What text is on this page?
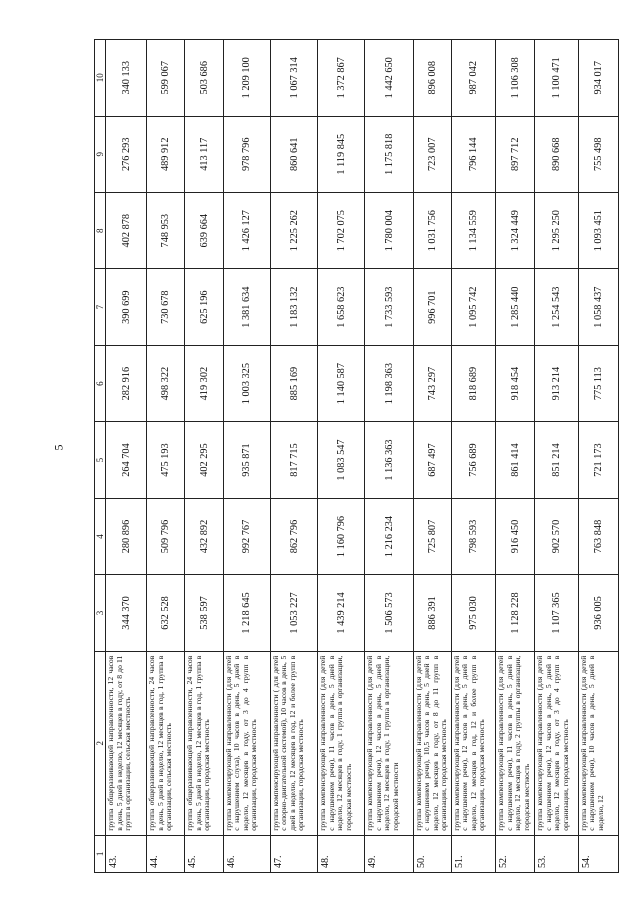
5
1	2	3	4	5	6	7	8	9	10
43.	группа общеразвивающей направленности, 12 часов в день, 5 дней в неделю, 12 месяцев в году, от 8 до 11 групп в организации, сельская местность	344 370	280 896	264 704	282 916	390 699	402 878	276 293	340 133
44.	группа общеразвивающей направленности, 24 часов в день, 5 дней в неделю, 12 месяцев в год, 1 группа в организации, сельская местность	632 528	509 796	475 193	498 322	730 678	748 953	489 912	599 067
45.	группа общеразвивающей направленности, 24 часов в день, 5 дней в неделю, 12 месяцев в год, 1 группа в организации, городская местность	538 597	432 892	402 295	419 302	625 196	639 664	413 117	503 686
46.	группа компенсирующей направленности (для детей с нарушением слуха), 10 часов в день, 5 дней в неделю, 12 месяцев в году, от 3 до 4 групп в организации, городская местность	1 218 645	992 767	935 871	1 003 325	1 381 634	1 426 127	978 796	1 209 100
47.	группа компенсирующей направленности ( для детей с опорно-двигательной системой), 10 часов в день, 5 дней в неделю, 12 месяцев в год, 12 и более групп в организации, городская местность	1 053 227	862 796	817 715	885 169	1 183 132	1 225 262	860 641	1 067 314
48.	группа компенсирующей направленности (для детей с нарушением речи), 11 часов в день, 5 дней в неделю, 12 месяцев в году, 1 группа в организации, городская местность	1 439 214	1 160 796	1 083 547	1 140 587	1 658 623	1 702 075	1 119 845	1 372 867
49.	группа компенсирующей направленности (для детей с нарушением речи), 12 часов в день, 5 дней в неделю, 12 месяцев в году, 1 группа в организации, городской местности	1 506 573	1 216 234	1 136 363	1 198 363	1 733 593	1 780 004	1 175 818	1 442 650
50.	группа компенсирующей направленности (для детей с нарушением речи), 10,5 часов в день, 5 дней в неделю, 12 месяцев в году, от 8 до 11 групп в организации, городская местность	886 391	725 807	687 497	743 297	996 701	1 031 756	723 007	896 008
51.	группа компенсирующей направленности (для детей с нарушением речи), 12 часов в день, 5 дней в неделю, 12 месяцев в год, 12 и более групп в организации, городская местность	975 030	798 593	756 689	818 689	1 095 742	1 134 559	796 144	987 042
52.	группа компенсирующей направленности (для детей с нарушением речи), 11 часов в день, 5 дней в неделю, 12 месяцев в году, 2 группы в организации, городская местность	1 128 228	916 450	861 414	918 454	1 285 440	1 324 449	897 712	1 106 308
53.	группа компенсирующей направленности (для детей с нарушением речи), 12 часов в день, 5 дней в неделю, 12 месяцев в году, от 3 до 4 групп в организации, городская местность	1 107 365	902 570	851 214	913 214	1 254 543	1 295 250	890 668	1 100 471
54.	группа компенсирующей направленности (для детей с нарушением речи), 10 часов в день, 5 дней в неделю, 12	936 005	763 848	721 173	775 113	1 058 437	1 093 451	755 498	934 017
